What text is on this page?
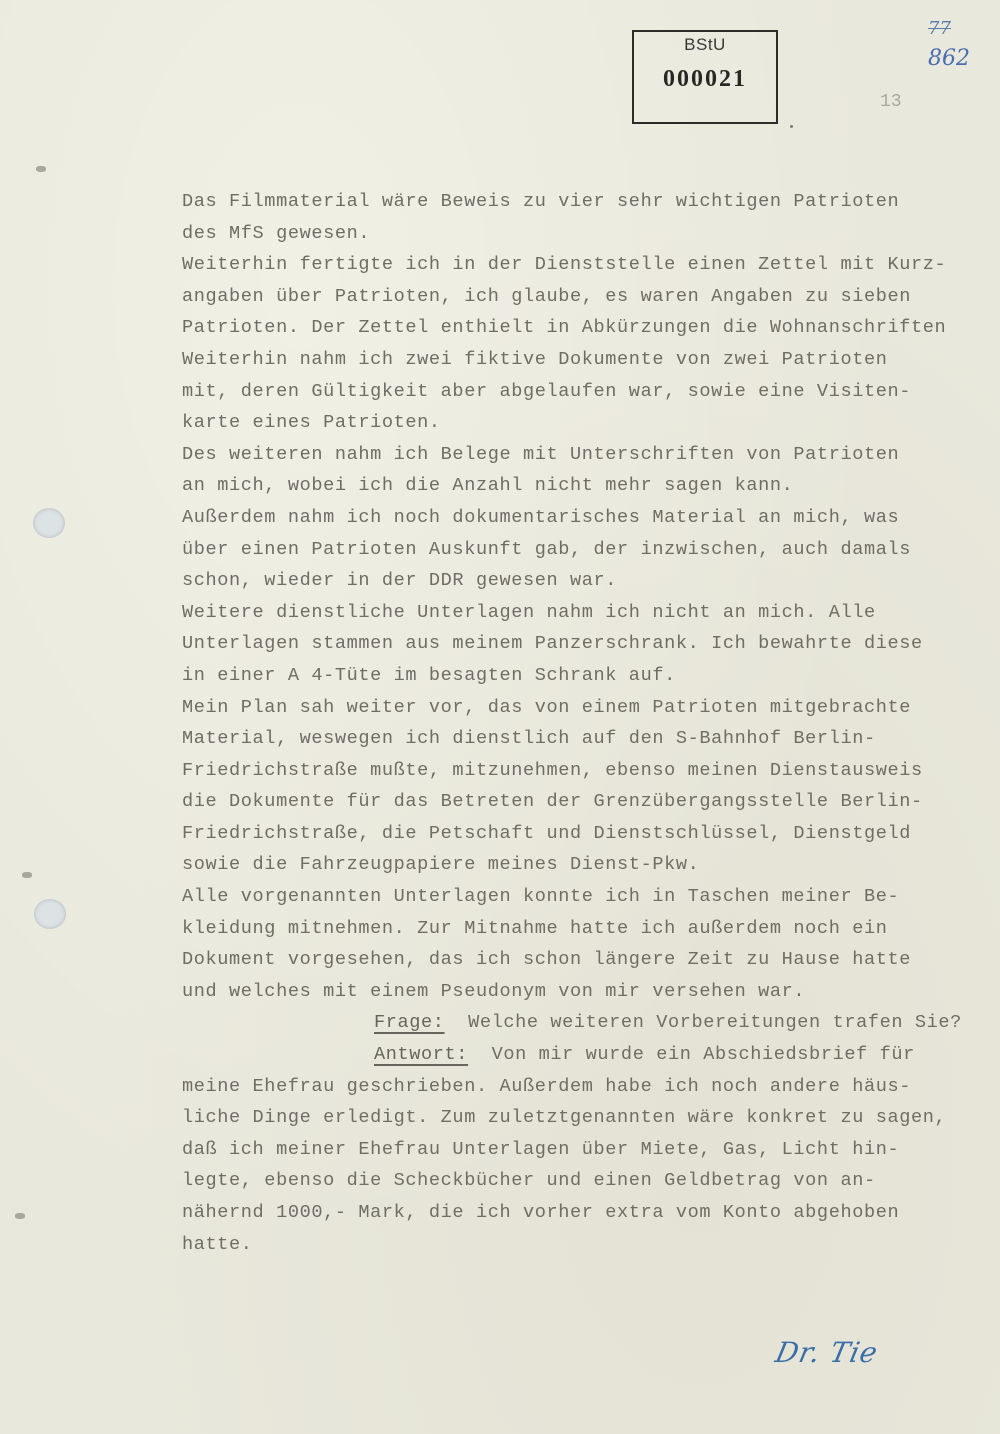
BStU
000021
77
862
13
Das Filmmaterial wäre Beweis zu vier sehr wichtigen Patrioten
des MfS gewesen.
Weiterhin fertigte ich in der Dienststelle einen Zettel mit Kurz-
angaben über Patrioten, ich glaube, es waren Angaben zu sieben
Patrioten. Der Zettel enthielt in Abkürzungen die Wohnanschriften
Weiterhin nahm ich zwei fiktive Dokumente von zwei Patrioten
mit, deren Gültigkeit aber abgelaufen war, sowie eine Visiten-
karte eines Patrioten.
Des weiteren nahm ich Belege mit Unterschriften von Patrioten
an mich, wobei ich die Anzahl nicht mehr sagen kann.
Außerdem nahm ich noch dokumentarisches Material an mich, was
über einen Patrioten Auskunft gab, der inzwischen, auch damals
schon, wieder in der DDR gewesen war.
Weitere dienstliche Unterlagen nahm ich nicht an mich. Alle
Unterlagen stammen aus meinem Panzerschrank. Ich bewahrte diese
in einer A 4-Tüte im besagten Schrank auf.
Mein Plan sah weiter vor, das von einem Patrioten mitgebrachte
Material, weswegen ich dienstlich auf den S-Bahnhof Berlin-
Friedrichstraße mußte, mitzunehmen, ebenso meinen Dienstausweis
die Dokumente für das Betreten der Grenzübergangsstelle Berlin-
Friedrichstraße, die Petschaft und Dienstschlüssel, Dienstgeld
sowie die Fahrzeugpapiere meines Dienst-Pkw.
Alle vorgenannten Unterlagen konnte ich in Taschen meiner Be-
kleidung mitnehmen. Zur Mitnahme hatte ich außerdem noch ein
Dokument vorgesehen, das ich schon längere Zeit zu Hause hatte
und welches mit einem Pseudonym von mir versehen war.
Frage:  Welche weiteren Vorbereitungen trafen Sie?
Antwort:  Von mir wurde ein Abschiedsbrief für
meine Ehefrau geschrieben. Außerdem habe ich noch andere häus-
liche Dinge erledigt. Zum zuletztgenannten wäre konkret zu sagen,
daß ich meiner Ehefrau Unterlagen über Miete, Gas, Licht hin-
legte, ebenso die Scheckbücher und einen Geldbetrag von an-
nähernd 1000,- Mark, die ich vorher extra vom Konto abgehoben
hatte.
Dr. Tie
